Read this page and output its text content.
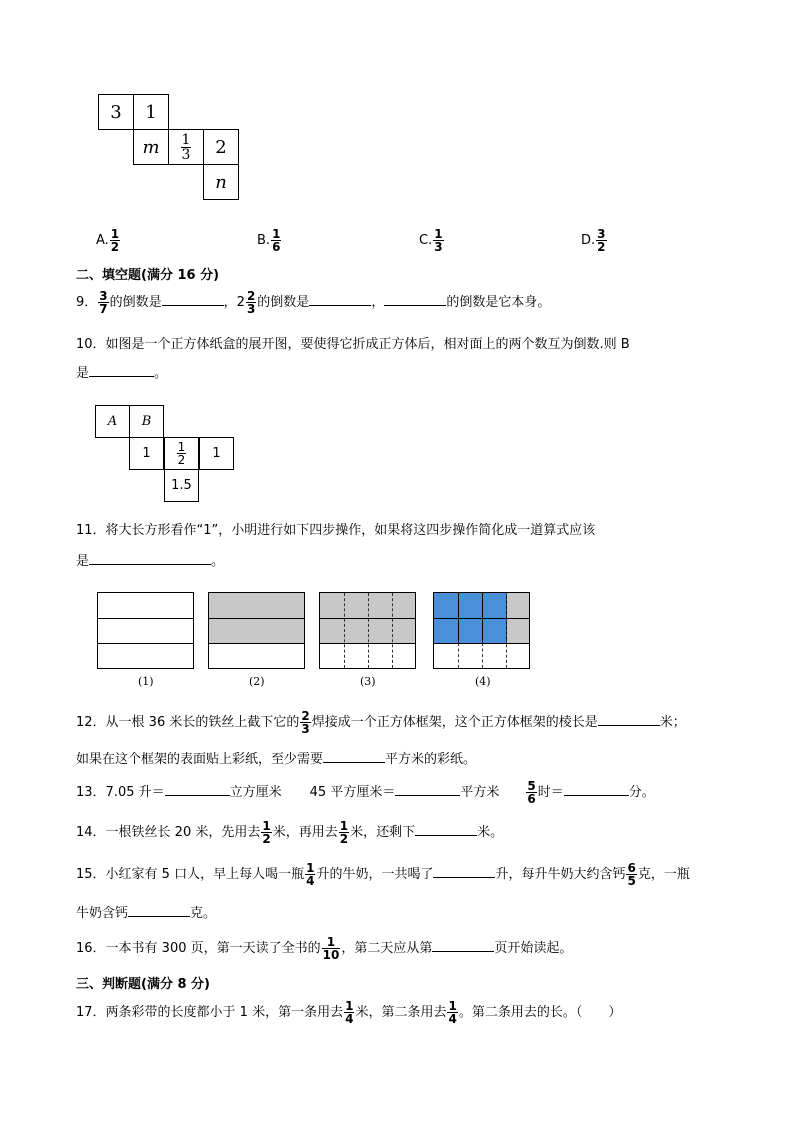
3	1
m	$\frac{1}{3}$	2
n
A. $\frac{1}{2}$	B. $\frac{1}{6}$	C. $\frac{1}{3}$	D. $\frac{3}{2}$
二、填空题(满分 16 分)
9． $\frac{3}{7}$ 的倒数是	，$2 \frac{2}{3}$ 的倒数是	，	的倒数是它本身。
10．如图是一个正方体纸盒的展开图，要使得它折成正方体后，相对面上的两个数互为倒数.则 B
是	。
A	B
1	$\frac{1}{2}$	1
1.5
11．将大长方形看作“1”，小明进行如下四步操作，如果将这四步操作简化成一道算式应该
是	。
(1)	(2)	(3)	(4)
12．从一根 36 米长的铁丝上截下它的 $\frac{2}{3}$ 焊接成一个正方体框架，这个正方体框架的棱长是	米；
如果在这个框架的表面贴上彩纸，至少需要	平方米的彩纸。
13．7.05 升＝	立方厘米 45 平方厘米＝	平方米 $\frac{5}{6}$ 时＝	分。
14．一根铁丝长 20 米，先用去 $\frac{1}{2}$ 米，再用去 $\frac{1}{2}$ 米，还剩下	米。
15．小红家有 5 口人，早上每人喝一瓶 $\frac{1}{4}$ 升的牛奶，一共喝了	升，每升牛奶大约含钙 $\frac{6}{5}$ 克，一瓶
牛奶含钙	克。
16．一本书有 300 页，第一天读了全书的 $\frac{1}{10}$ ，第二天应从第	页开始读起。
三、判断题(满分 8 分)
17．两条彩带的长度都小于 1 米，第一条用去 $\frac{1}{4}$ 米，第二条用去 $\frac{1}{4}$ 。第二条用去的长。（ ）
